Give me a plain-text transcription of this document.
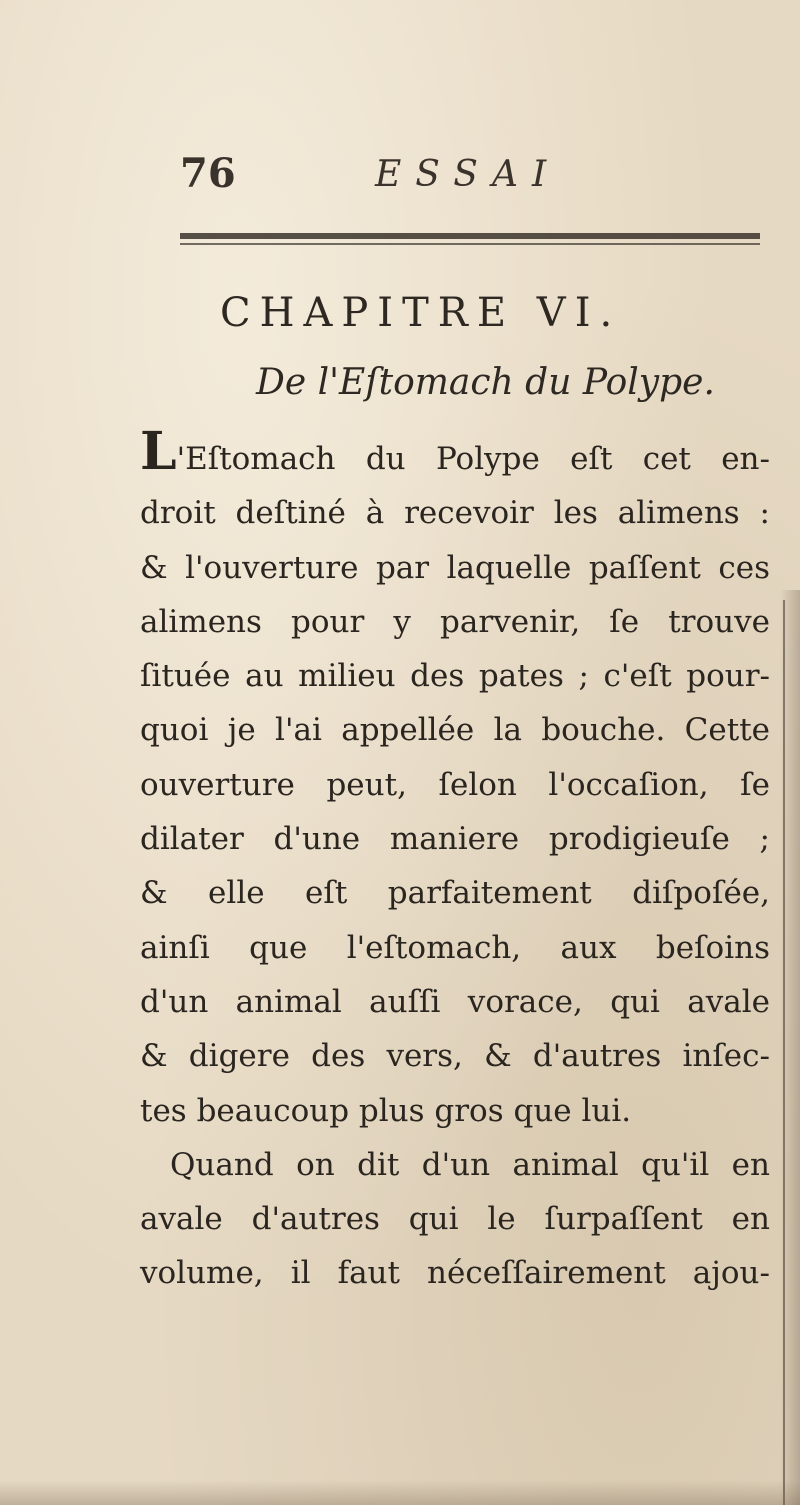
76	ESSAI
CHAPITRE VI.
De l'Eſtomach du Polype.
L'Eſtomach du Polype eſt cet en-
droit deſtiné à recevoir les alimens :
& l'ouverture par laquelle paſſent ces
alimens pour y parvenir, ſe trouve
ſituée au milieu des pates ; c'eſt pour-
quoi je l'ai appellée la bouche. Cette
ouverture peut, ſelon l'occaſion, ſe
dilater d'une maniere prodigieuſe ;
& elle eſt parfaitement diſpoſée,
ainſi que l'eſtomach, aux beſoins
d'un animal auſſi vorace, qui avale
& digere des vers, & d'autres inſec-
tes beaucoup plus gros que lui.
Quand on dit d'un animal qu'il en
avale d'autres qui le ſurpaſſent en
volume, il faut néceſſairement ajou-
